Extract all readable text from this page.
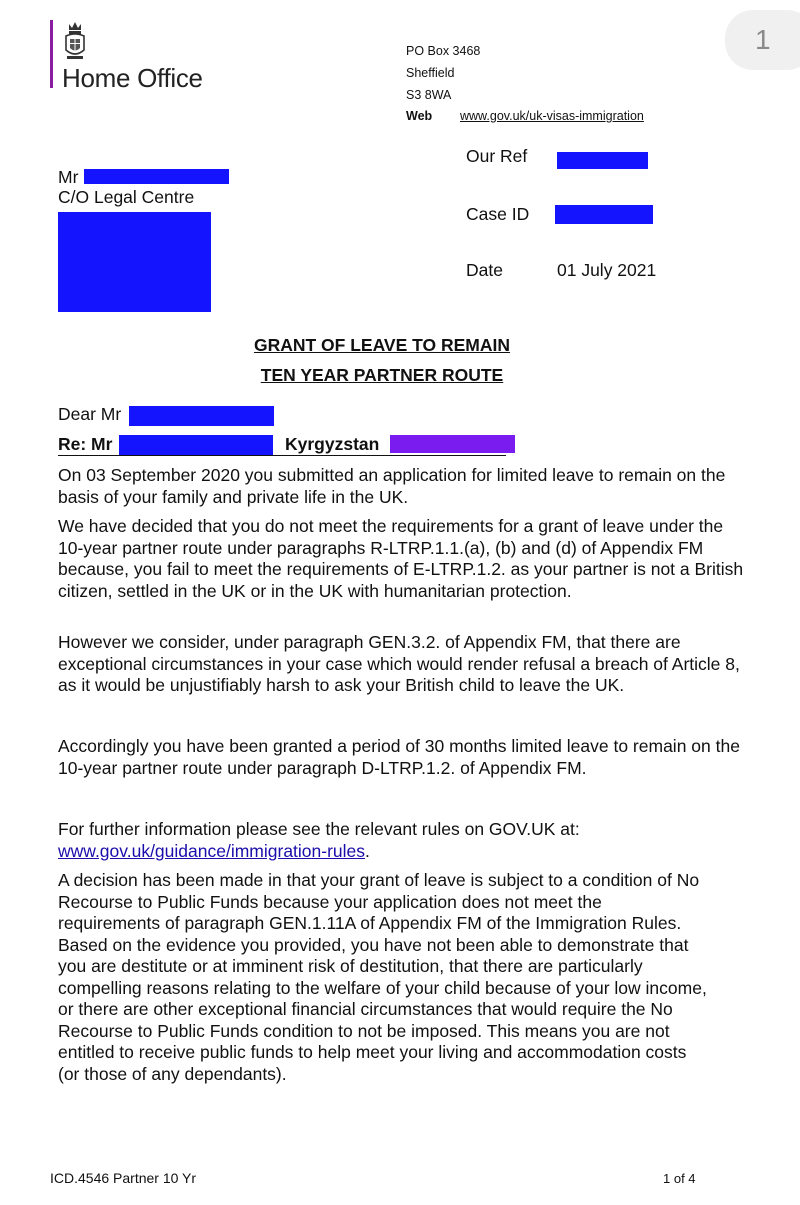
Home Office
1
PO Box 3468
Sheffield
S3 8WA
Web www.gov.uk/uk-visas-immigration
Mr
C/O Legal Centre
Our Ref
Case ID
Date	01 July 2021
GRANT OF LEAVE TO REMAIN
TEN YEAR PARTNER ROUTE
Dear Mr
Re: Mr	Kyrgyzstan

On 03 September 2020 you submitted an application for limited leave to remain on the basis of your family and private life in the UK.

We have decided that you do not meet the requirements for a grant of leave under the 10-year partner route under paragraphs R-LTRP.1.1.(a), (b) and (d) of Appendix FM because, you fail to meet the requirements of E-LTRP.1.2. as your partner is not a British citizen, settled in the UK or in the UK with humanitarian protection.

However we consider, under paragraph GEN.3.2. of Appendix FM, that there are exceptional circumstances in your case which would render refusal a breach of Article 8, as it would be unjustifiably harsh to ask your British child to leave the UK.

Accordingly you have been granted a period of 30 months limited leave to remain on the 10-year partner route under paragraph D-LTRP.1.2. of Appendix FM.

For further information please see the relevant rules on GOV.UK at:
www.gov.uk/guidance/immigration-rules.

A decision has been made in that your grant of leave is subject to a condition of No Recourse to Public Funds because your application does not meet the requirements of paragraph GEN.1.11A of Appendix FM of the Immigration Rules. Based on the evidence you provided, you have not been able to demonstrate that you are destitute or at imminent risk of destitution, that there are particularly compelling reasons relating to the welfare of your child because of your low income, or there are other exceptional financial circumstances that would require the No Recourse to Public Funds condition to not be imposed. This means you are not entitled to receive public funds to help meet your living and accommodation costs (or those of any dependants).

ICD.4546 Partner 10 Yr	1 of 4
